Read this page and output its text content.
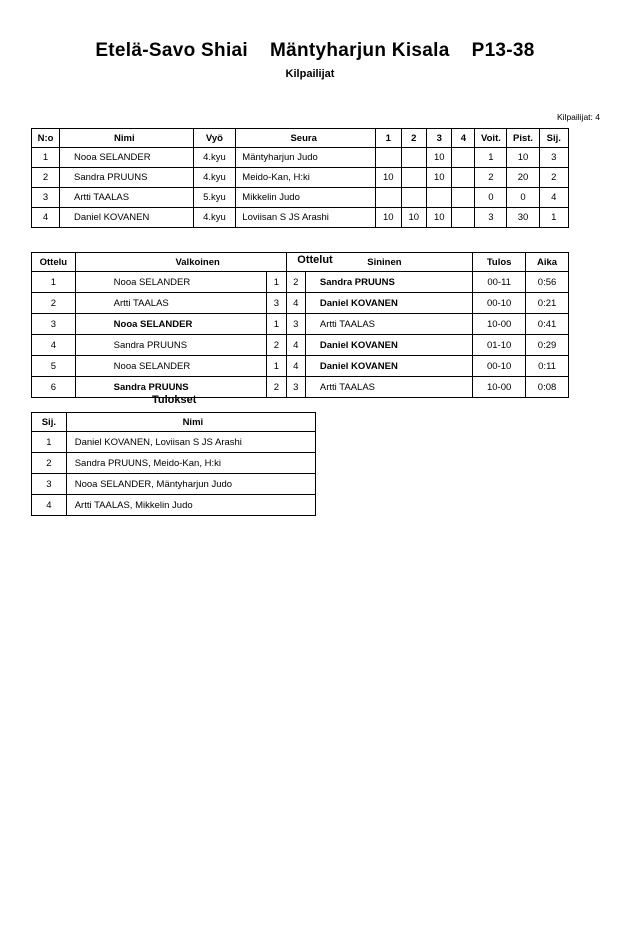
Etelä-Savo Shiai Mäntyharjun Kisala P13-38
Kilpailijat
Kilpailijat: 4
N:o	Nimi	Vyö	Seura	1	2	3	4	Voit.	Pist.	Sij.
1	Nooa SELANDER	4.kyu	Mäntyharjun Judo			10		1	10	3
2	Sandra PRUUNS	4.kyu	Meido-Kan, H:ki	10		10		2	20	2
3	Artti TAALAS	5.kyu	Mikkelin Judo					0	0	4
4	Daniel KOVANEN	4.kyu	Loviisan S JS Arashi	10	10	10		3	30	1
Ottelut
Ottelu	Valkoinen		Sininen		Tulos	Aika
1	Nooa SELANDER	1	2	Sandra PRUUNS	00-11	0:56
2	Artti TAALAS	3	4	Daniel KOVANEN	00-10	0:21
3	Nooa SELANDER	1	3	Artti TAALAS	10-00	0:41
4	Sandra PRUUNS	2	4	Daniel KOVANEN	01-10	0:29
5	Nooa SELANDER	1	4	Daniel KOVANEN	00-10	0:11
6	Sandra PRUUNS	2	3	Artti TAALAS	10-00	0:08
Tulokset
Sij.	Nimi
1	Daniel KOVANEN, Loviisan S JS Arashi
2	Sandra PRUUNS, Meido-Kan, H:ki
3	Nooa SELANDER, Mäntyharjun Judo
4	Artti TAALAS, Mikkelin Judo
